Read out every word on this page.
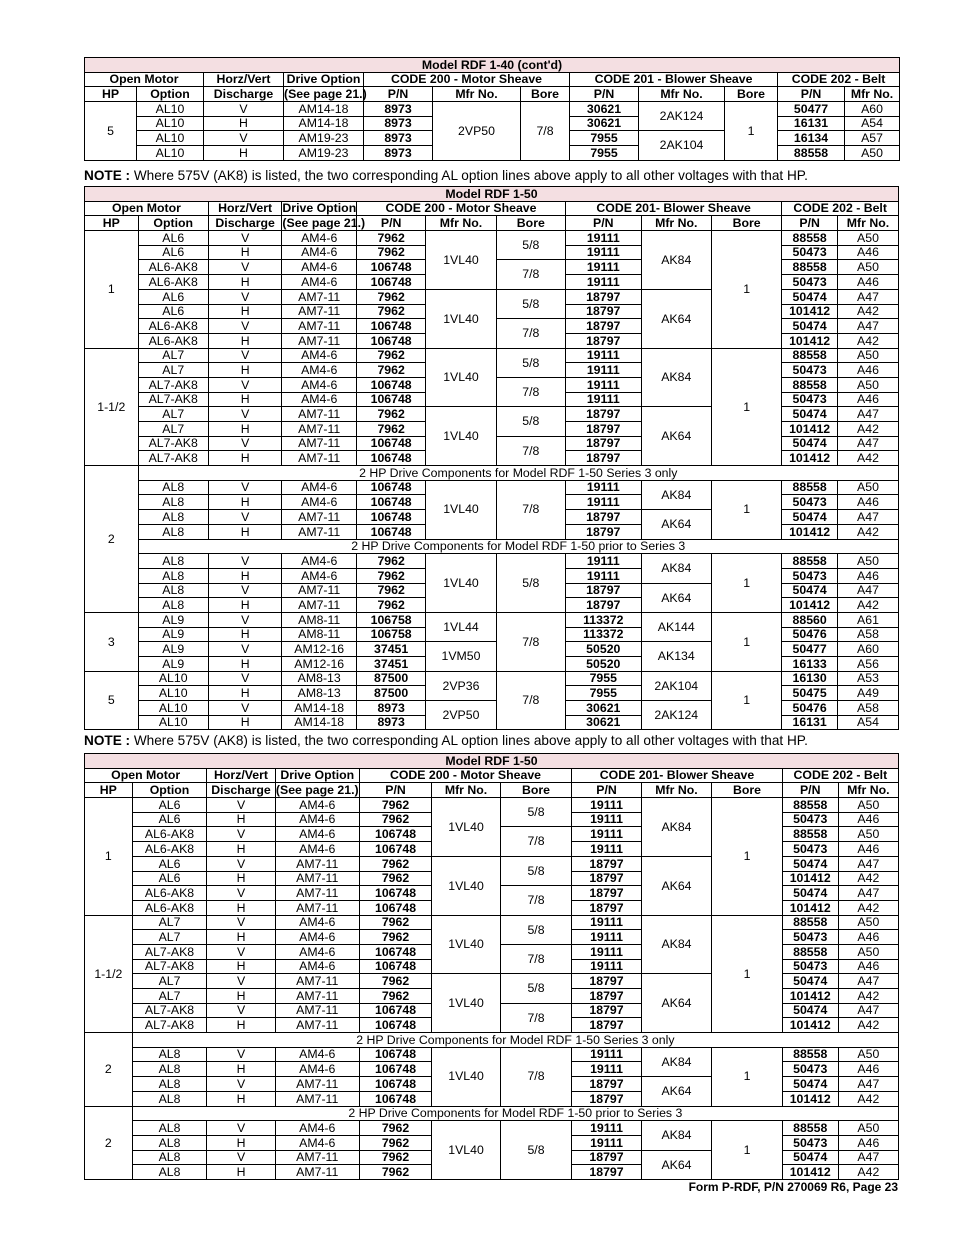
Model RDF 1-40 (cont'd)											
Open Motor		Horz/Vert	Drive Option	CODE 200 - Motor Sheave			CODE 201 - Blower Sheave			CODE 202 - Belt	
HP	Option	Discharge	(See page 21.)	P/N	Mfr No.	Bore	P/N	Mfr No.	Bore	P/N	Mfr No.
5	AL10	V	AM14-18	8973	2VP50	7/8	30621	2AK124	1	50477	A60
	AL10	H	AM14-18	8973			30621			16131	A54
	AL10	V	AM19-23	8973			7955	2AK104		16134	A57
	AL10	H	AM19-23	8973			7955			88558	A50
NOTE : Where 575V (AK8) is listed, the two corresponding AL option lines above apply to all other voltages with that HP.
Model RDF 1-50											
Open Motor		Horz/Vert	Drive Option	CODE 200 - Motor Sheave			CODE 201- Blower Sheave			CODE 202 - Belt	
HP	Option	Discharge	(See page 21.)	P/N	Mfr No.	Bore	P/N	Mfr No.	Bore	P/N	Mfr No.
1	AL6	V	AM4-6	7962	1VL40	5/8	19111	AK84	1	88558	A50
	AL6	H	AM4-6	7962			19111			50473	A46
	AL6-AK8	V	AM4-6	106748		7/8	19111			88558	A50
	AL6-AK8	H	AM4-6	106748			19111			50473	A46
	AL6	V	AM7-11	7962	1VL40	5/8	18797	AK64		50474	A47
	AL6	H	AM7-11	7962			18797			101412	A42
	AL6-AK8	V	AM7-11	106748		7/8	18797			50474	A47
	AL6-AK8	H	AM7-11	106748			18797			101412	A42
1-1/2	AL7	V	AM4-6	7962	1VL40	5/8	19111	AK84	1	88558	A50
	AL7	H	AM4-6	7962			19111			50473	A46
	AL7-AK8	V	AM4-6	106748		7/8	19111			88558	A50
	AL7-AK8	H	AM4-6	106748			19111			50473	A46
	AL7	V	AM7-11	7962	1VL40	5/8	18797	AK64		50474	A47
	AL7	H	AM7-11	7962			18797			101412	A42
	AL7-AK8	V	AM7-11	106748		7/8	18797			50474	A47
	AL7-AK8	H	AM7-11	106748			18797			101412	A42
2	2 HP Drive Components for Model RDF 1-50 Series 3 only										
	AL8	V	AM4-6	106748	1VL40	7/8	19111	AK84	1	88558	A50
	AL8	H	AM4-6	106748			19111			50473	A46
	AL8	V	AM7-11	106748			18797	AK64		50474	A47
	AL8	H	AM7-11	106748			18797			101412	A42
	2 HP Drive Components for Model RDF 1-50 prior to Series 3										
	AL8	V	AM4-6	7962	1VL40	5/8	19111	AK84	1	88558	A50
	AL8	H	AM4-6	7962			19111			50473	A46
	AL8	V	AM7-11	7962			18797	AK64		50474	A47
	AL8	H	AM7-11	7962			18797			101412	A42
3	AL9	V	AM8-11	106758	1VL44	7/8	113372	AK144	1	88560	A61
	AL9	H	AM8-11	106758			113372			50476	A58
	AL9	V	AM12-16	37451	1VM50		50520	AK134		50477	A60
	AL9	H	AM12-16	37451			50520			16133	A56
5	AL10	V	AM8-13	87500	2VP36	7/8	7955	2AK104	1	16130	A53
	AL10	H	AM8-13	87500			7955			50475	A49
	AL10	V	AM14-18	8973	2VP50		30621	2AK124		50476	A58
	AL10	H	AM14-18	8973			30621			16131	A54
NOTE : Where 575V (AK8) is listed, the two corresponding AL option lines above apply to all other voltages with that HP.
Model RDF 1-50											
Open Motor		Horz/Vert	Drive Option	CODE 200 - Motor Sheave			CODE 201- Blower Sheave			CODE 202 - Belt	
HP	Option	Discharge	(See page 21.)	P/N	Mfr No.	Bore	P/N	Mfr No.	Bore	P/N	Mfr No.
1	AL6	V	AM4-6	7962	1VL40	5/8	19111	AK84	1	88558	A50
	AL6	H	AM4-6	7962			19111			50473	A46
	AL6-AK8	V	AM4-6	106748		7/8	19111			88558	A50
	AL6-AK8	H	AM4-6	106748			19111			50473	A46
	AL6	V	AM7-11	7962	1VL40	5/8	18797	AK64		50474	A47
	AL6	H	AM7-11	7962			18797			101412	A42
	AL6-AK8	V	AM7-11	106748		7/8	18797			50474	A47
	AL6-AK8	H	AM7-11	106748			18797			101412	A42
1-1/2	AL7	V	AM4-6	7962	1VL40	5/8	19111	AK84	1	88558	A50
	AL7	H	AM4-6	7962			19111			50473	A46
	AL7-AK8	V	AM4-6	106748		7/8	19111			88558	A50
	AL7-AK8	H	AM4-6	106748			19111			50473	A46
	AL7	V	AM7-11	7962	1VL40	5/8	18797	AK64		50474	A47
	AL7	H	AM7-11	7962			18797			101412	A42
	AL7-AK8	V	AM7-11	106748		7/8	18797			50474	A47
	AL7-AK8	H	AM7-11	106748			18797			101412	A42
2	2 HP Drive Components for Model RDF 1-50 Series 3 only										
	AL8	V	AM4-6	106748	1VL40	7/8	19111	AK84	1	88558	A50
	AL8	H	AM4-6	106748			19111			50473	A46
	AL8	V	AM7-11	106748			18797	AK64		50474	A47
	AL8	H	AM7-11	106748			18797			101412	A42
2	2 HP Drive Components for Model RDF 1-50 prior to Series 3										
	AL8	V	AM4-6	7962	1VL40	5/8	19111	AK84	1	88558	A50
	AL8	H	AM4-6	7962			19111			50473	A46
	AL8	V	AM7-11	7962			18797	AK64		50474	A47
	AL8	H	AM7-11	7962			18797			101412	A42
Form P-RDF, P/N 270069 R6, Page 23
